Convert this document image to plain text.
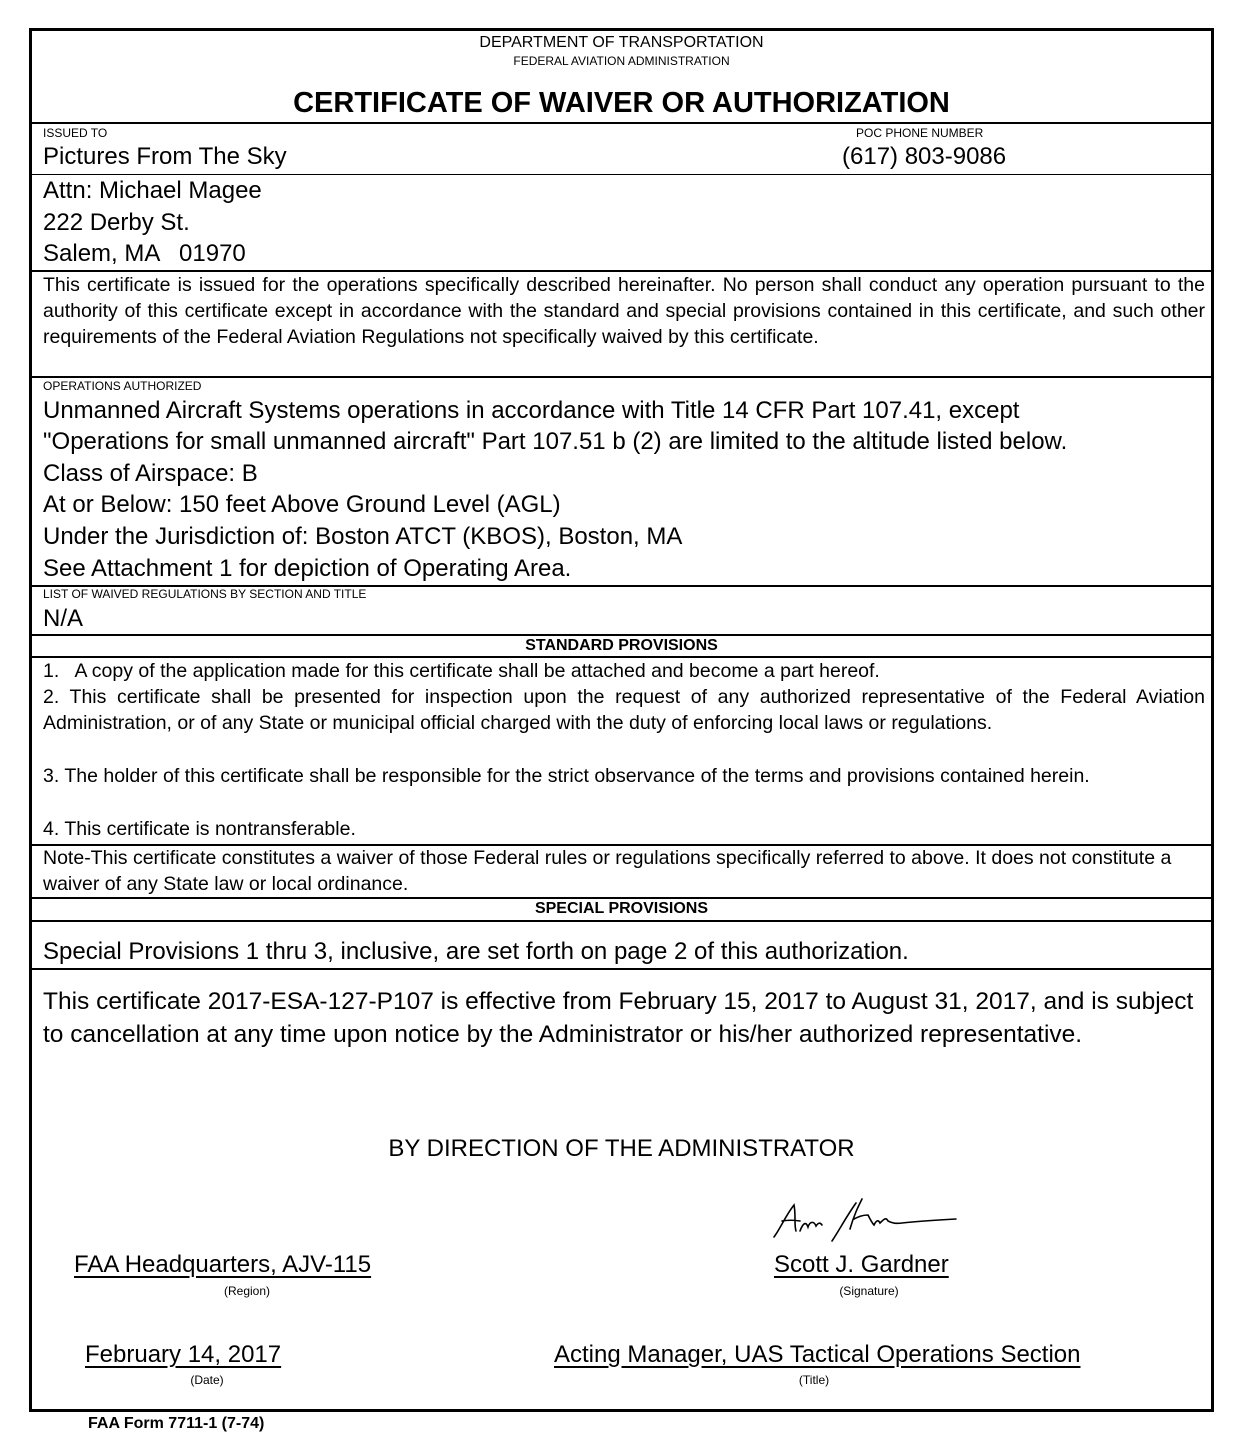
DEPARTMENT OF TRANSPORTATION
FEDERAL AVIATION ADMINISTRATION
CERTIFICATE OF WAIVER OR AUTHORIZATION
ISSUED TO	POC PHONE NUMBER
Pictures From The Sky	(617) 803-9086
Attn: Michael Magee
222 Derby St.
Salem, MA   01970
This certificate is issued for the operations specifically described hereinafter. No person shall conduct any operation pursuant to the authority of this certificate except in accordance with the standard and special provisions contained in this certificate, and such other requirements of the Federal Aviation Regulations not specifically waived by this certificate.
OPERATIONS AUTHORIZED
Unmanned Aircraft Systems operations in accordance with Title 14 CFR Part 107.41, except
"Operations for small unmanned aircraft" Part 107.51 b (2) are limited to the altitude listed below.
Class of Airspace: B
At or Below: 150 feet Above Ground Level (AGL)
Under the Jurisdiction of: Boston ATCT (KBOS), Boston, MA
See Attachment 1 for depiction of Operating Area.
LIST OF WAIVED REGULATIONS BY SECTION AND TITLE
N/A
STANDARD PROVISIONS
1.   A copy of the application made for this certificate shall be attached and become a part hereof.
2. This certificate shall be presented for inspection upon the request of any authorized representative of the Federal Aviation Administration, or of any State or municipal official charged with the duty of enforcing local laws or regulations.
3. The holder of this certificate shall be responsible for the strict observance of the terms and provisions contained herein.
4. This certificate is nontransferable.
Note-This certificate constitutes a waiver of those Federal rules or regulations specifically referred to above. It does not constitute a waiver of any State law or local ordinance.
SPECIAL PROVISIONS
Special Provisions 1 thru 3, inclusive, are set forth on page 2 of this authorization.
This certificate 2017-ESA-127-P107 is effective from February 15, 2017 to August 31, 2017, and is subject to cancellation at any time upon notice by the Administrator or his/her authorized representative.
BY DIRECTION OF THE ADMINISTRATOR
FAA Headquarters, AJV-115
(Region)
Scott J. Gardner
(Signature)
February 14, 2017
(Date)
Acting Manager, UAS Tactical Operations Section
(Title)
FAA Form 7711-1 (7-74)
